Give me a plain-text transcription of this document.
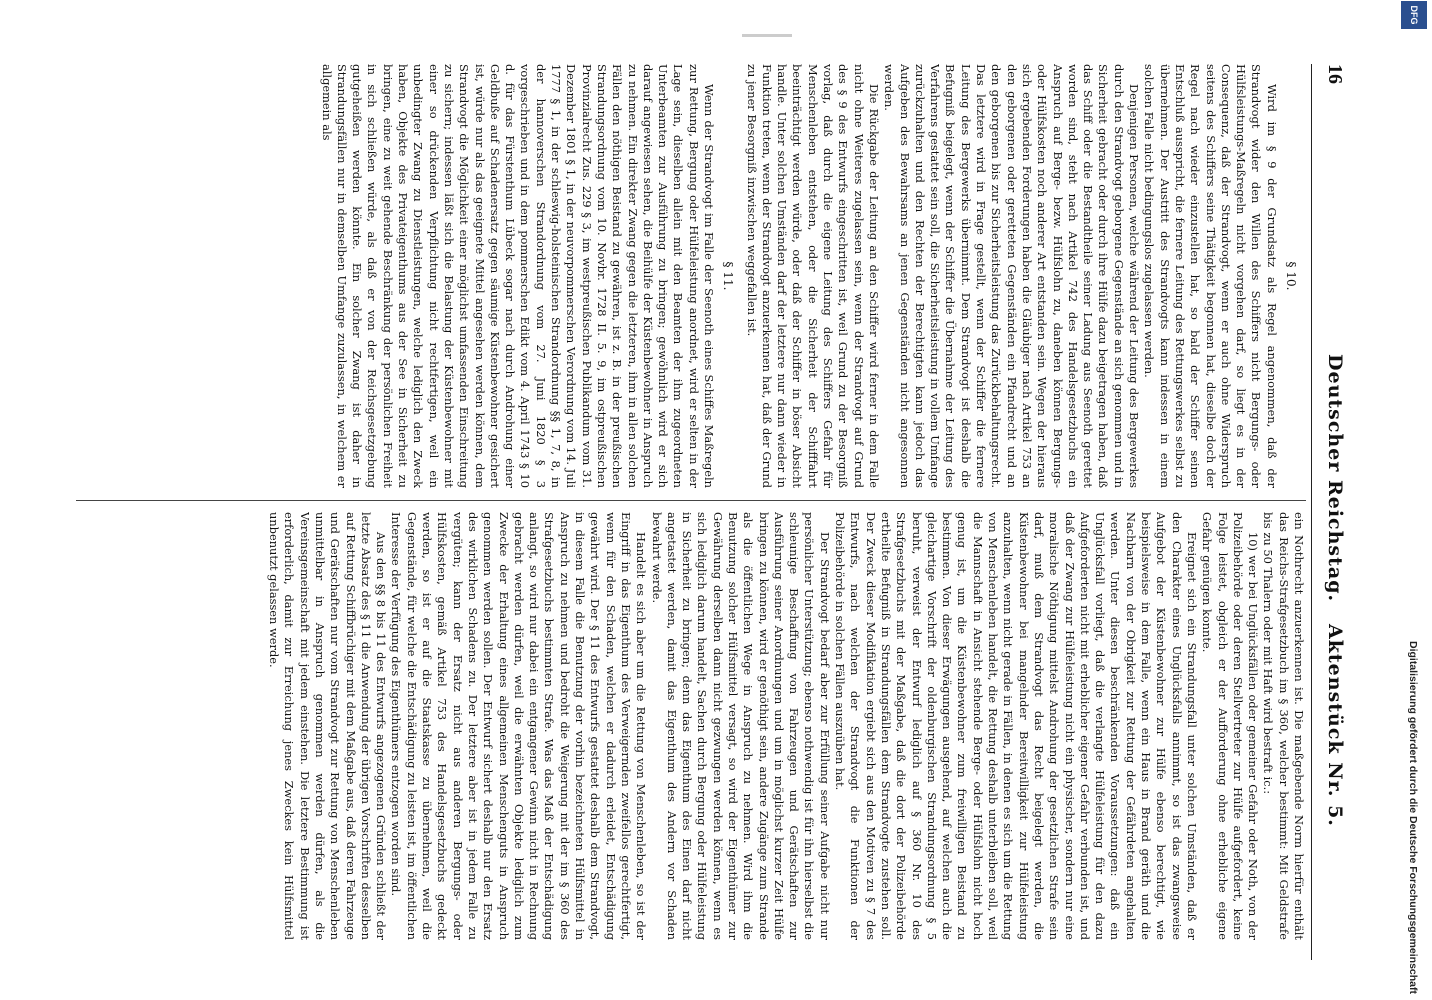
16
Deutscher Reichstag.
Aktenstück Nr. 5.
§ 10.

Wird im § 9 der Grundsatz als Regel angenommen, daß der Strandvogt wider den Willen des Schiffers nicht Bergungs- oder Hülfsleistungs-Maßregeln nicht vorgehen darf, so liegt es in der Consequenz, daß der Strandvogt, wenn er auch ohne Widerspruch seitens des Schiffers seine Thätigkeit begonnen hat, dieselbe doch der Regel nach wieder einzustellen hat, so bald der Schiffer seinen Entschluß ausspricht, die fernere Leitung des Rettungswerkes selbst zu übernehmen. Der Austritt des Strandvogts kann indessen in einem solchen Falle nicht bedingungslos zugelassen werden.

Denjenigen Personen, welche während der Leitung des Bergewerkes durch den Strandvogt geborgene Gegenstände an sich genommen und in Sicherheit gebracht oder durch ihre Hülfe dazu beigetragen haben, daß das Schiff oder die Bestandtheile seiner Ladung aus Seenoth gerettet worden sind, steht nach Artikel 742 des Handelsgesetzbuchs ein Anspruch auf Berge- bezw. Hülfslohn zu, daneben können Bergungs- oder Hülfskosten noch anderer Art entstanden sein. Wegen der hieraus sich ergebenden Forderungen haben die Gläubiger nach Artikel 753 an den geborgenen oder geretteten Gegenständen ein Pfandrecht und an den geborgenen bis zur Sicherheitsleistung das Zurückbehaltungsrecht. Das letztere wird in Frage gestellt, wenn der Schiffer die fernere Leitung des Bergewerks übernimmt. Dem Strandvogt ist deshalb die Befugniß beigelegt, wenn der Schiffer die Übernahme der Leitung des Verfahrens gestattet sein soll, die Sicherheitsleistung in vollem Umfange zurückzuhalten und den Rechten der Berechtigten kann jedoch das Aufgeben des Bewahrsams an jenen Gegenständen nicht angesonnen werden.

Die Rückgabe der Leitung an den Schiffer wird ferner in dem Falle nicht ohne Weiteres zugelassen sein, wenn der Strandvogt auf Grund des § 9 des Entwurfs eingeschritten ist, weil Grund zu der Besorgniß vorlag, daß durch die eigene Leitung des Schiffers Gefahr für Menschenleben entstehen, oder die Sicherheit der Schifffahrt beeinträchtigt werden würde, oder daß der Schiffer in böser Absicht handle. Unter solchen Umständen darf der letztere nur dann wieder in Funktion treten, wenn der Strandvogt anzuerkennen hat, daß der Grund zu jener Besorgniß inzwischen weggefallen ist.

§ 11.

Wenn der Strandvogt im Falle der Seenoth eines Schiffes Maßregeln zur Rettung, Bergung oder Hülfeleistung anordnet, wird er selten in der Lage sein, dieselben allein mit den Beamten der ihm zugeordneten Unterbeamten zur Ausführung zu bringen; gewöhnlich wird er sich darauf angewiesen sehen, die Beihülfe der Küstenbewohner in Anspruch zu nehmen. Ein direkter Zwang gegen die letzteren, ihm in allen solchen Fällen den nöthigen Beistand zu gewähren, ist z. B. in der preußischen Strandungsordnung vom 10. Novbr. 1728 II. 5. 9, im ostpreußischen Provinzialrecht Zus. 229 § 3, im westpreußischen Publikandum vom 31. Dezember 1801 § 1, in der neuvorpommerschen Verordnung vom 14. Juli 1777 § 1, in der schleswig-holsteinischen Strandordnung §§ 1, 7, 8, in der hannoverschen Strandordnung vom 27. Juni 1820 § 3 vorgeschrieben und in dem pommerschen Edikt vom 4. April 1743 § 10 d. für das Fürstenthum Lübeck sogar nach durch Androhung einer Geldbuße auf Schadenersatz gegen säumige Küstenbewohner gesichert ist, würde nur als das geeignete Mittel angesehen werden können, dem Strandvogt die Möglichkeit einer möglichst umfassenden Einschreitung zu sichern; indessen läßt sich die Belastung der Küstenbewohner mit einer so drückenden Verpflichtung nicht rechtfertigen, weil ein unbedingter Zwang zu Dienstleistungen, welche lediglich den Zweck haben, Objekte des Privateigenthums aus der See in Sicherheit zu bringen, eine zu weit gehende Beschränkung der persönlichen Freiheit in sich schließen würde, als daß er von der Reichsgesetzgebung gutgeheißen werden könnte. Ein solcher Zwang ist daher in Strandungsfällen nur in demselben Umfange zuzulassen, in welchem er allgemein als

ein Nothrecht anzuerkennen ist. Die maßgebende Norm hierfür enthält das Reichs-Strafgesetzbuch im § 360, welcher bestimmt: Mit Geldstrafe bis zu 50 Thalern oder mit Haft wird bestraft ic.:

10) wer bei Unglücksfällen oder gemeiner Gefahr oder Noth, von der Polizeibehörde oder deren Stellvertreter zur Hülfe aufgefordert, keine Folge leistet, obgleich er der Aufforderung ohne erhebliche eigene Gefahr genügen konnte.

Ereignet sich ein Strandungsfall unter solchen Umständen, daß er den Charakter eines Unglücksfalls annimmt, so ist das zwangsweise Aufgebot der Küstenbewohner zur Hülfe ebenso berechtigt, wie beispielsweise in dem Falle, wenn ein Haus in Brand geräth und die Nachbarn von der Obrigkeit zur Rettung der Gefährdeten angehalten werden. Unter diesen beschränkenden Voraussetzungen: daß ein Unglücksfall vorliegt, daß die verlangte Hülfeleistung für den dazu Aufgeforderten nicht mit erheblicher eigener Gefahr verbunden ist, und daß der Zwang zur Hülfeleistung nicht ein physischer, sondern nur eine moralische Nöthigung mittelst Androhung der gesetzlichen Strafe sein darf, muß dem Strandvogt das Recht beigelegt werden, die Küstenbewohner bei mangelnder Bereitwilligkeit zur Hülfeleistung anzuhalten, wenn nicht gerade in Fällen, in denen es sich um die Rettung von Menschenleben handelt, die Rettung deshalb unterbleiben soll, weil die Mannschaft in Ansicht stehende Berge- oder Hülfslohn nicht hoch genug ist, um die Küstenbewohner zum freiwilligen Beistand zu bestimmen. Von dieser Erwägungen ausgehend, auf welchen auch die gleichartige Vorschrift der oldenburgischen Strandungsordnung § 5 beruht, verweist der Entwurf lediglich auf § 360 Nr. 10 des Strafgesetzbuchs mit der Maßgabe, daß die dort der Polizeibehörde ertheilte Befugniß in Strandungsfällen dem Strandvogte zustehen soll. Der Zweck dieser Modifikation ergiebt sich aus den Motiven zu § 7 des Entwurfs, nach welchen der Strandvogt die Funktionen der Polizeibehörde in solchen Fällen auszuüben hat.

Der Strandvogt bedarf aber zur Erfüllung seiner Aufgabe nicht nur persönlicher Unterstützung; ebenso nothwendig ist für ihn hierselbst die schleunige Beschaffung von Fahrzeugen und Gerätschaften zur Ausführung seiner Anordnungen und um in möglichst kurzer Zeit Hülfe bringen zu können, wird er genöthigt sein, andere Zugänge zum Strande als die öffentlichen Wege in Anspruch zu nehmen. Wird ihm die Benutzung solcher Hülfsmittel versagt, so wird der Eigenthümer zur Gewährung derselben dann nicht gezwungen werden können, wenn es sich lediglich darum handelt, Sachen durch Bergung oder Hülfeleistung in Sicherheit zu bringen; denn das Eigenthum des Einen darf nicht angetastet werden, damit das Eigenthum des Andern vor Schaden bewahrt werde.

Handelt es sich aber um die Rettung von Menschenleben, so ist der Eingriff in das Eigenthum des Verweigernden zweifellos gerechtfertigt, wenn für den Schaden, welchen er dadurch erleidet, Entschädigung gewährt wird. Der § 11 des Entwurfs gestattet deshalb dem Strandvogt, in diesem Falle die Benutzung der vorhin bezeichneten Hülfsmittel in Anspruch zu nehmen und bedroht die Weigerung mit der im § 360 des Strafgesetzbuchs bestimmten Strafe. Was das Maß der Entschädigung anlangt, so wird nur dabei ein entgangener Gewinn nicht in Rechnung gebracht werden dürfen, weil die erwähnten Objekte lediglich zum Zwecke der Erhaltung eines allgemeinen Menschenguts in Anspruch genommen werden sollen. Der Entwurf sichert deshalb nur den Ersatz des wirklichen Schadens zu. Der letztere aber ist in jedem Falle zu vergüten; kann der Ersatz nicht aus anderen Bergungs- oder Hülfskosten, gemäß Artikel 753 des Handelsgesetzbuchs gedeckt werden, so ist er auf die Staatskasse zu übernehmen, weil die Gegenstände, für welche die Entschädigung zu leisten ist, im öffentlichen Interesse der Verfügung des Eigenthümers entzogen worden sind.

Aus den §§ 8 bis 11 des Entwurfs angezogenen Gründen schließt der letzte Absatz des § 11 die Anwendung der übrigen Vorschriften desselben auf Rettung Schiffbrüchiger mit dem Maßgabe aus, daß deren Fahrzeuge und Gerätschaften nur vom Strandvogt zur Rettung von Menschenleben unmittelbar in Anspruch genommen werden dürfen, als die Vereinsgemeinschaft mit jedem einstehen. Die letztere Bestimmung ist erforderlich, damit zur Erreichung jenes Zweckes kein Hülfsmittel unbenutzt gelassen werde.

Digitalisierung gefördert durch die Deutsche Forschungsgemeinschaft
DFG
